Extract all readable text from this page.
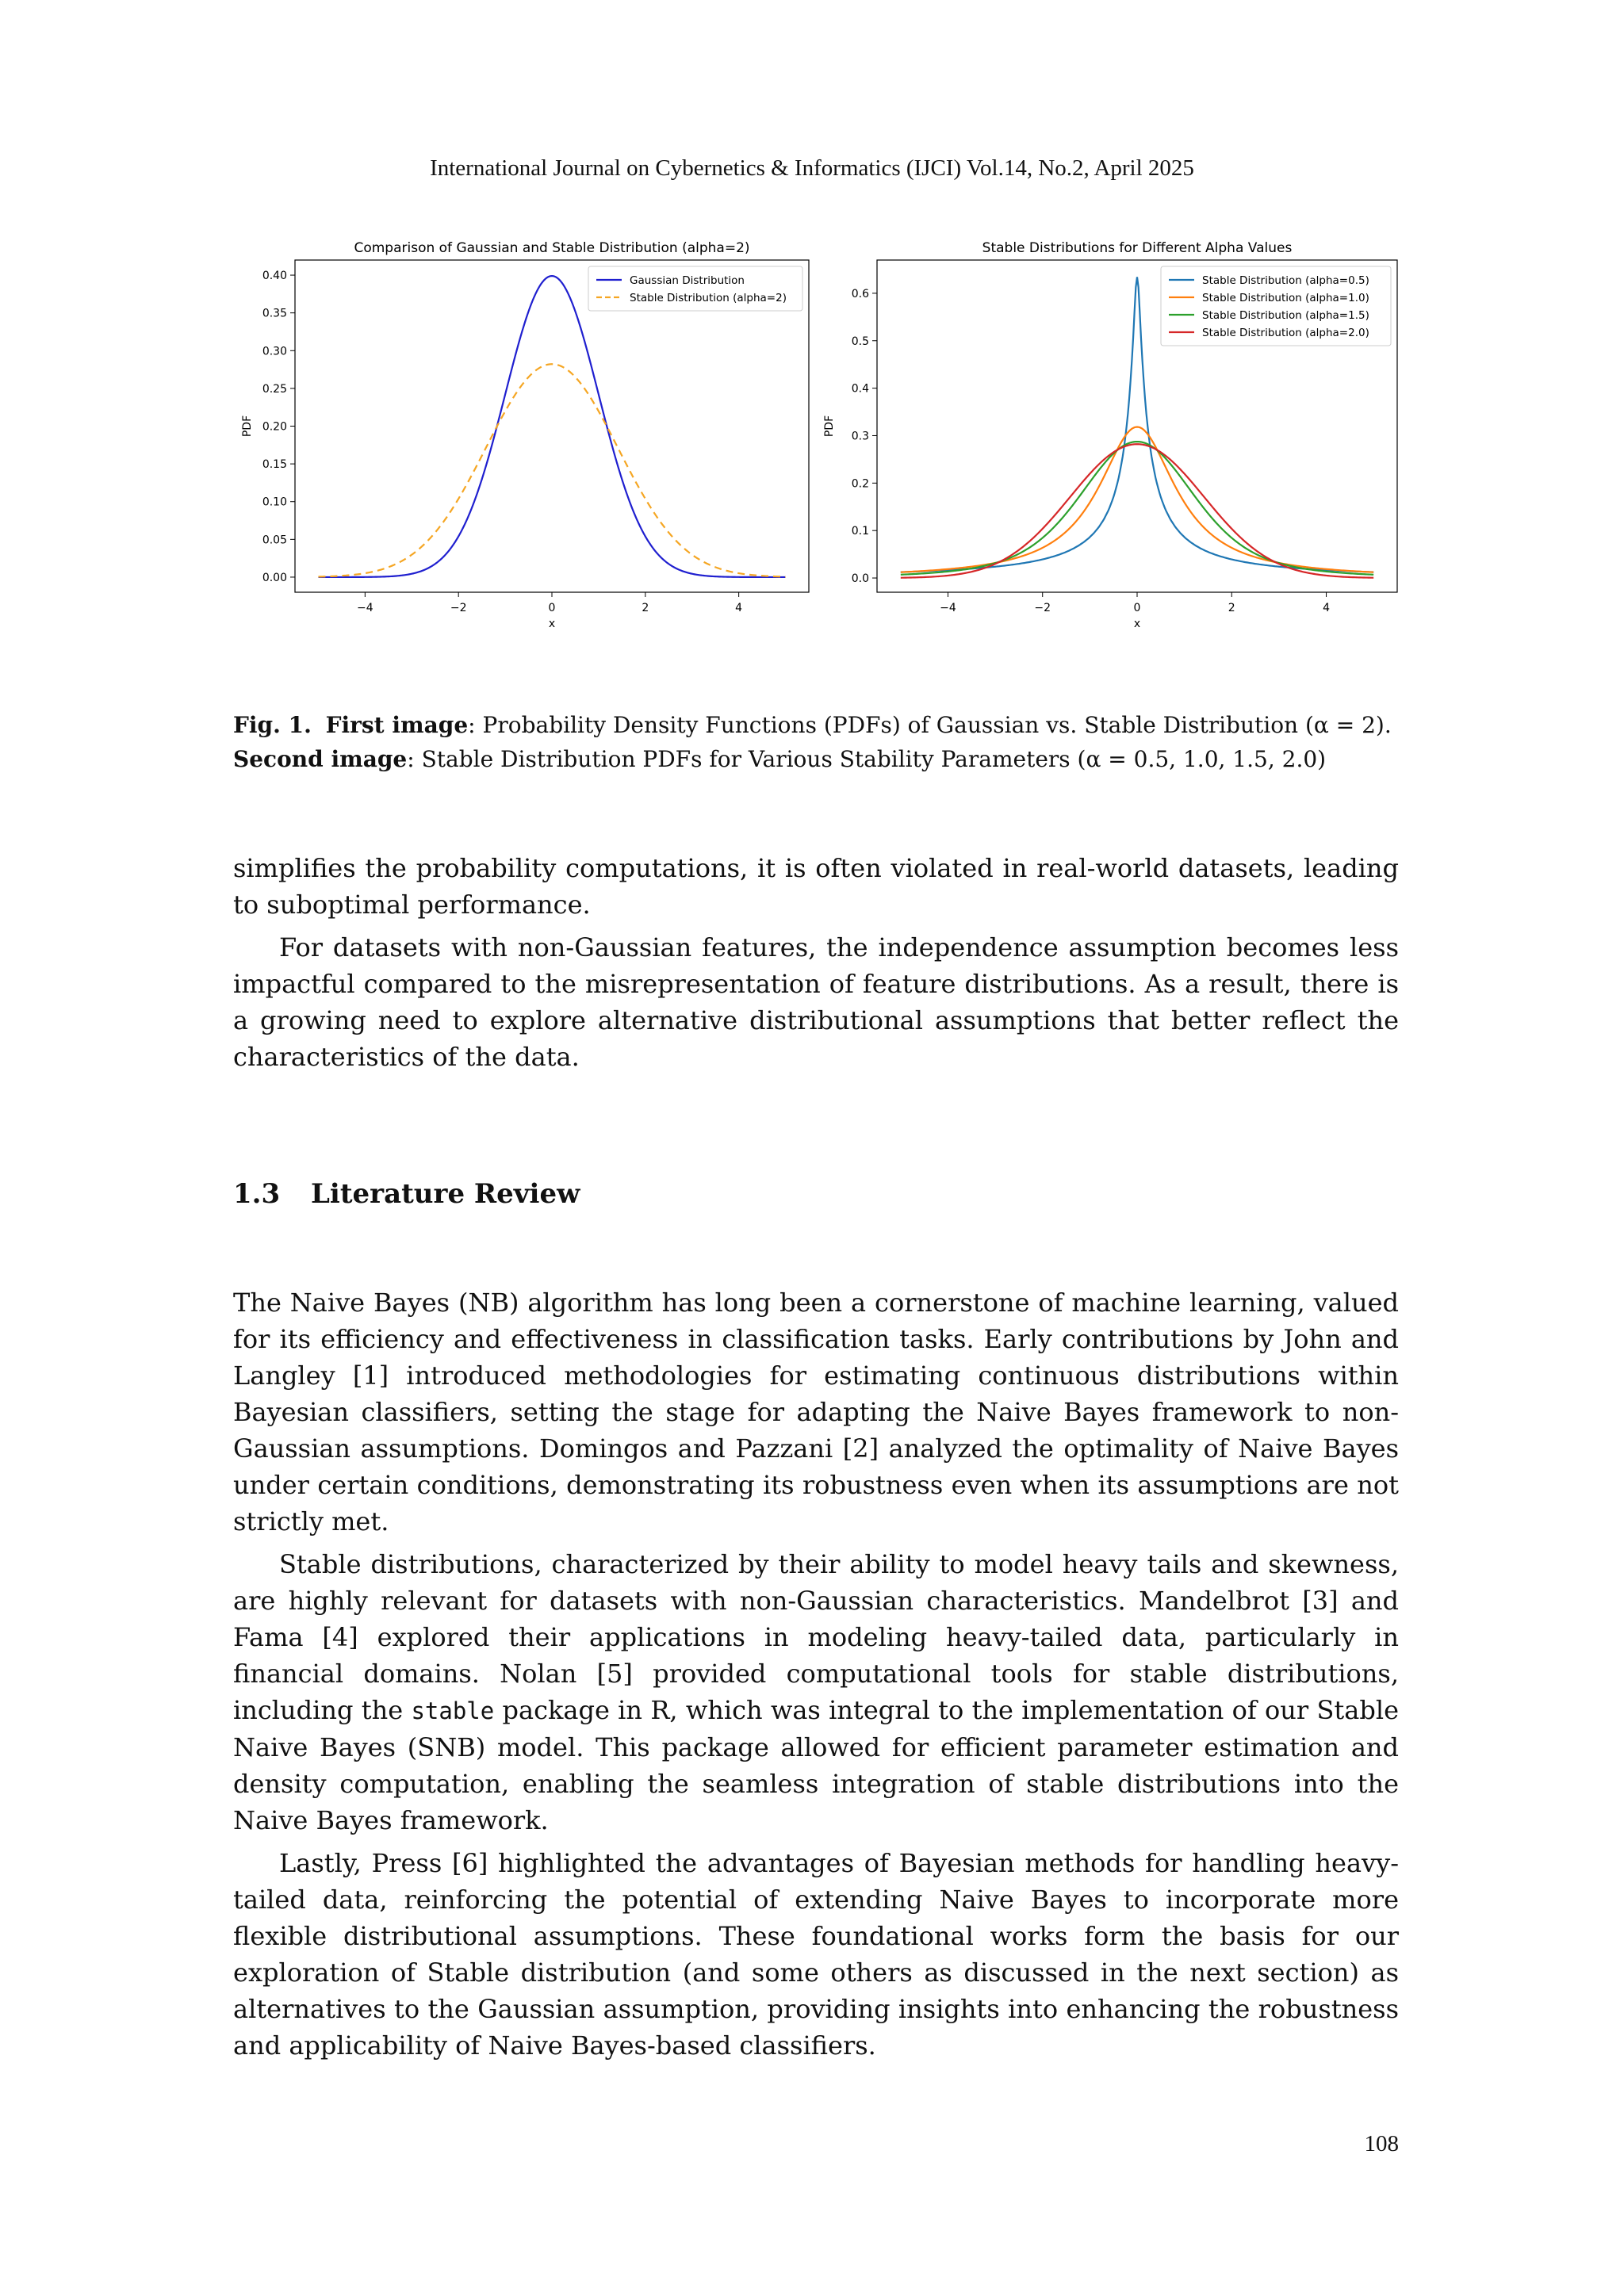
International Journal on Cybernetics & Informatics (IJCI) Vol.14, No.2, April 2025
Comparison of Gaussian and Stable Distribution (alpha=2)
−4	−2	0	2	4
0.00
0.05
0.10
0.15
0.20
0.25
0.30
0.35
0.40
x
PDF
Gaussian Distribution
Stable Distribution (alpha=2)
Stable Distributions for Different Alpha Values
−4	−2	0	2	4
0.0
0.1
0.2
0.3
0.4
0.5
0.6
x
PDF
Stable Distribution (alpha=0.5)
Stable Distribution (alpha=1.0)
Stable Distribution (alpha=1.5)
Stable Distribution (alpha=2.0)
Fig. 1. First image: Probability Density Functions (PDFs) of Gaussian vs. Stable Distribution (α = 2).
Second image: Stable Distribution PDFs for Various Stability Parameters (α = 0.5, 1.0, 1.5, 2.0)

simplifies the probability computations, it is often violated in real-world datasets, leading to suboptimal performance.

For datasets with non-Gaussian features, the independence assumption becomes less impactful compared to the misrepresentation of feature distributions. As a result, there is a growing need to explore alternative distributional assumptions that better reflect the characteristics of the data.

1.3 Literature Review

The Naive Bayes (NB) algorithm has long been a cornerstone of machine learning, valued for its efficiency and effectiveness in classification tasks. Early contributions by John and Langley [1] introduced methodologies for estimating continuous distributions within Bayesian classifiers, setting the stage for adapting the Naive Bayes framework to non-Gaussian assumptions. Domingos and Pazzani [2] analyzed the optimality of Naive Bayes under certain conditions, demonstrating its robustness even when its assumptions are not strictly met.

Stable distributions, characterized by their ability to model heavy tails and skewness, are highly relevant for datasets with non-Gaussian characteristics. Mandelbrot [3] and Fama [4] explored their applications in modeling heavy-tailed data, particularly in financial domains. Nolan [5] provided computational tools for stable distributions, including the stable package in R, which was integral to the implementation of our Stable Naive Bayes (SNB) model. This package allowed for efficient parameter estimation and density computation, enabling the seamless integration of stable distributions into the Naive Bayes framework.

Lastly, Press [6] highlighted the advantages of Bayesian methods for handling heavy-tailed data, reinforcing the potential of extending Naive Bayes to incorporate more flexible distributional assumptions. These foundational works form the basis for our exploration of Stable distribution (and some others as discussed in the next section) as alternatives to the Gaussian assumption, providing insights into enhancing the robustness and applicability of Naive Bayes-based classifiers.

108
